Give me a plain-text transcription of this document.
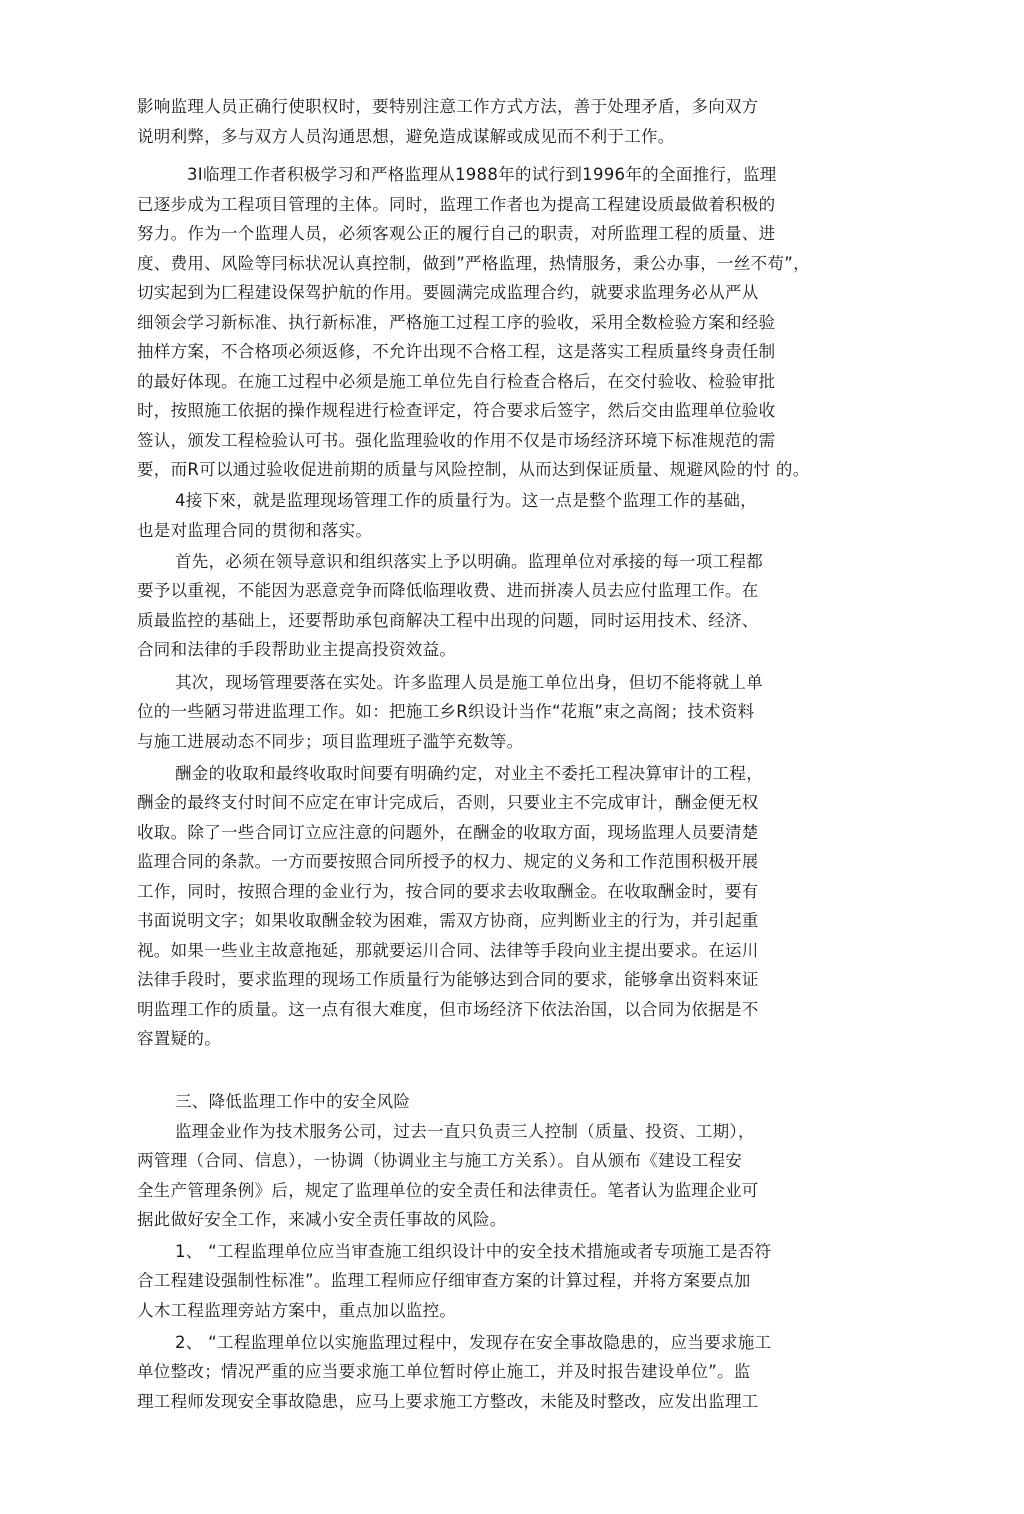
影响监理人员正确行使职权时，要特别注意工作方式方法，善于处理矛盾，多向双方

说明利弊，多与双方人员沟通思想，避免造成谋解或成见而不利于工作。

3I临理工作者积极学习和严格监理从1988年的试行到1996年的全面推行，监理

已逐步成为工程项目管理的主体。同时，监理工作者也为提高工程建设质最做着积极的

努力。作为一个监理人员，必须客观公正的履行自己的职责，对所监理工程的质量、进

度、费用、风险等冃标状况认真控制，做到”严格监理，热情服务，秉公办事，一丝不苟”，

切实起到为匚程建设保驾护航的作用。要圆满完成监理合约，就要求监理务必从严从

细领会学习新标准、执行新标准，严格施工过程工序的验收，采用全数检验方案和经验

抽样方案，不合格项必须返修，不允许出现不合格工程，这是落实工程质量终身责任制

的最好体现。在施工过程中必须是施工单位先自行检查合格后，在交付验收、检验审批

时，按照施工依据的操作规程进行检查评定，符合要求后签字，然后交由监理单位验收

签认，颁发工程检验认可书。强化监理验收的作用不仅是市场经济环境下标准规范的需

要，而R可以通过验收促进前期的质量与风险控制，从而达到保证质量、规避风险的忖 的。

4接下來，就是监理现场管理工作的质量行为。这一点是整个监理工作的基础，

也是对监理合同的贯彻和落实。

首先，必须在领导意识和组织落实上予以明确。监理单位对承接的每一项工程都

要予以重视，不能因为恶意竞争而降低临理收费、进而拼凑人员去应付监理工作。在

质最监控的基础上，还要帮助承包商解决工程中出现的问题，同时运用技术、经济、

合同和法律的手段帮助业主提高投资效益。

其次，现场管理要落在实处。许多监理人员是施工单位出身，但切不能将就丄单

位的一些陋习带进监理工作。如：把施工乡R织设计当作“花瓶”束之高阁；技术资料

与施工进展动态不同步；项目监理班子滥竽充数等。

酬金的收取和最终收取时间要有明确约定，对业主不委托工程决算审计的工程，

酬金的最终支付时间不应定在审计完成后，否则，只要业主不完成审计，酬金便无权

收取。除了一些合同订立应注意的问题外，在酬金的收取方面，现场监理人员要清楚

监理合同的条款。一方而要按照合同所授予的权力、规定的义务和工作范围积极开展

工作，同时，按照合理的金业行为，按合同的要求去收取酬金。在收取酬金时，要有

书面说明文字；如果收取酬金较为困难，需双方协商，应判断业主的行为，并引起重

视。如果一些业主故意拖延，那就要运川合同、法律等手段向业主提出要求。在运川

法律手段时，要求监理的现场工作质量行为能够达到合同的要求，能够拿出资料來证

明监理工作的质量。这一点有很大难度，但市场经济下依法治国，以合同为依据是不

容置疑的。

三、降低监理工作中的安全风险

监理金业作为技术服务公司，过去一直只负责三人控制（质量、投资、工期），

两管理（合同、信息），一协调（协调业主与施工方关系）。自从颁布《建设工程安

全生产管理条例》后，规定了监理单位的安全责任和法律责任。笔者认为监理企业可

据此做好安全工作，来减小安全责任事故的风险。

1、 “工程监理单位应当审查施工组织设计中的安全技术措施或者专项施工是否符

合工程建设强制性标准”。监理工程师应仔细审查方案的计算过程，并将方案要点加

人木工程监理旁站方案中，重点加以监控。

2、 “工程监理单位以实施监理过程中，发现存在安全事故隐患的，应当要求施工

单位整改；情况严重的应当要求施工单位暂时停止施工，并及时报告建设单位”。监

理工程师发现安全事故隐患，应马上要求施工方整改，未能及时整改，应发出监理工
